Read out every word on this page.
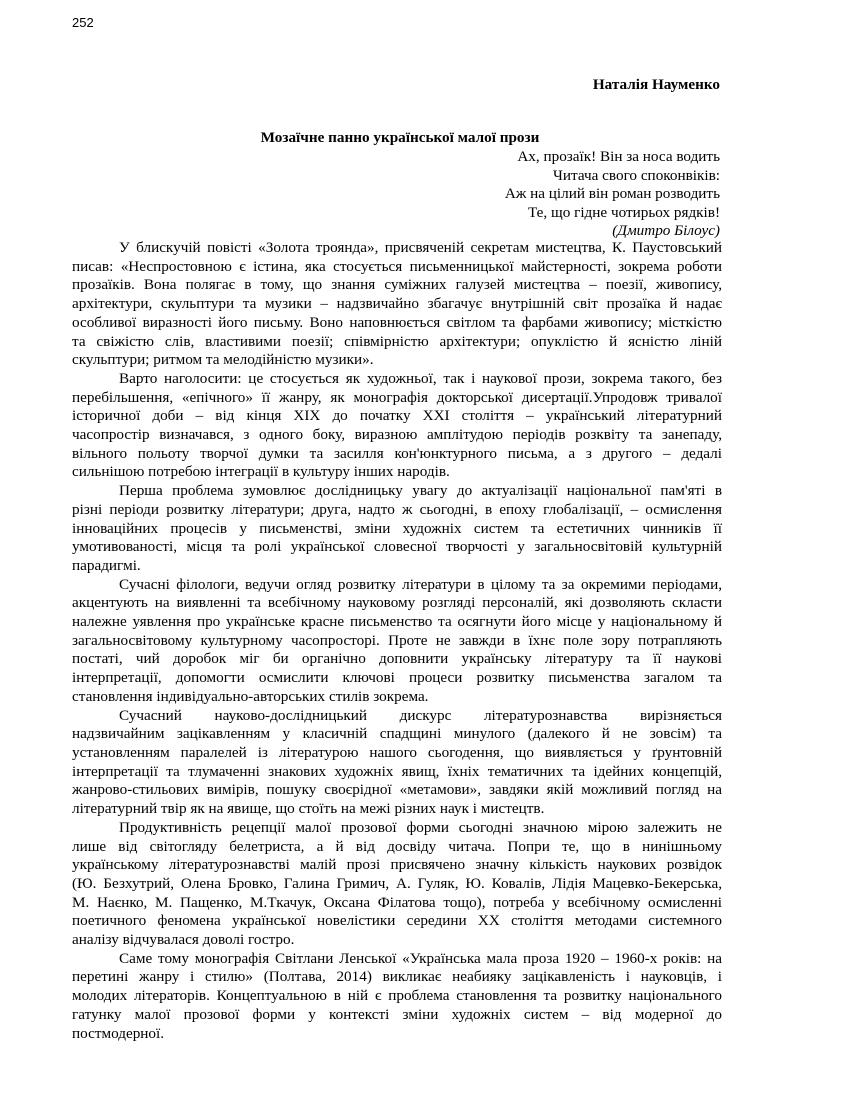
252

Наталія Науменко

Мозаїчне панно української малої прози

Ах, прозаїк! Він за носа водить
Читача свого споконвіків:
Аж на цілий він роман розводить
Те, що гідне чотирьох рядків!
(Дмитро Білоус)
У блискучій повісті «Золота троянда», присвяченій секретам мистецтва, К. Паустовський
писав: «Неспростовною є істина, яка стосується письменницької майстерності, зокрема роботи
прозаїків. Вона полягає в тому, що знання суміжних галузей мистецтва – поезії, живопису,
архітектури, скульптури та музики – надзвичайно збагачує внутрішній світ прозаїка й надає
особливої виразності його письму. Воно наповнюється світлом та фарбами живопису; місткістю
та свіжістю слів, властивими поезії; співмірністю архітектури; опуклістю й ясністю ліній
скульптури; ритмом та мелодійністю музики».
Варто наголосити: це стосується як художньої, так і наукової прози, зокрема такого, без
перебільшення, «епічного» її жанру, як монографія докторської дисертації.Упродовж тривалої
історичної доби – від кінця XIX до початку XXI століття – український літературний
часопростір визначався, з одного боку, виразною амплітудою періодів розквіту та занепаду,
вільного польоту творчої думки та засилля кон'юнктурного письма, а з другого – дедалі
сильнішою потребою інтеграції в культуру інших народів.
Перша проблема зумовлює дослідницьку увагу до актуалізації національної пам'яті в
різні періоди розвитку літератури; друга, надто ж сьогодні, в епоху глобалізації, – осмислення
інноваційних процесів у письменстві, зміни художніх систем та естетичних чинників її
умотивованості, місця та ролі української словесної творчості у загальносвітовій культурній
парадигмі.
Сучасні філологи, ведучи огляд розвитку літератури в цілому та за окремими періодами,
акцентують на виявленні та всебічному науковому розгляді персоналій, які дозволяють скласти
належне уявлення про українське красне письменство та осягнути його місце у національному й
загальносвітовому культурному часопросторі. Проте не завжди в їхнє поле зору потрапляють
постаті, чий доробок міг би органічно доповнити українську літературу та її наукові
інтерпретації, допомогти осмислити ключові процеси розвитку письменства загалом та
становлення індивідуально-авторських стилів зокрема.
Сучасний науково-дослідницький дискурс літературознавства вирізняється
надзвичайним зацікавленням у класичній спадщині минулого (далекого й не зовсім) та
установленням паралелей із літературою нашого сьогодення, що виявляється у ґрунтовній
інтерпретації та тлумаченні знакових художніх явищ, їхніх тематичних та ідейних концепцій,
жанрово-стильових вимірів, пошуку своєрідної «метамови», завдяки якій можливий погляд на
літературний твір як на явище, що стоїть на межі різних наук і мистецтв.
Продуктивність рецепції малої прозової форми сьогодні значною мірою залежить не
лише від світогляду белетриста, а й від досвіду читача. Попри те, що в нинішньому
українському літературознавстві малій прозі присвячено значну кількість наукових розвідок
(Ю. Безхутрий, Олена Бровко, Галина Гримич, А. Гуляк, Ю. Ковалів, Лідія Мацевко-Бекерська,
М. Наєнко, М. Пащенко, М.Ткачук, Оксана Філатова тощо), потреба у всебічному осмисленні
поетичного феномена української новелістики середини XX століття методами системного
аналізу відчувалася доволі гостро.
Саме тому монографія Світлани Ленської «Українська мала проза 1920 – 1960-х років: на
перетині жанру і стилю» (Полтава, 2014) викликає неабияку зацікавленість і науковців, і
молодих літераторів. Концептуальною в ній є проблема становлення та розвитку національного
гатунку малої прозової форми у контексті зміни художніх систем – від модерної до
постмодерної.
